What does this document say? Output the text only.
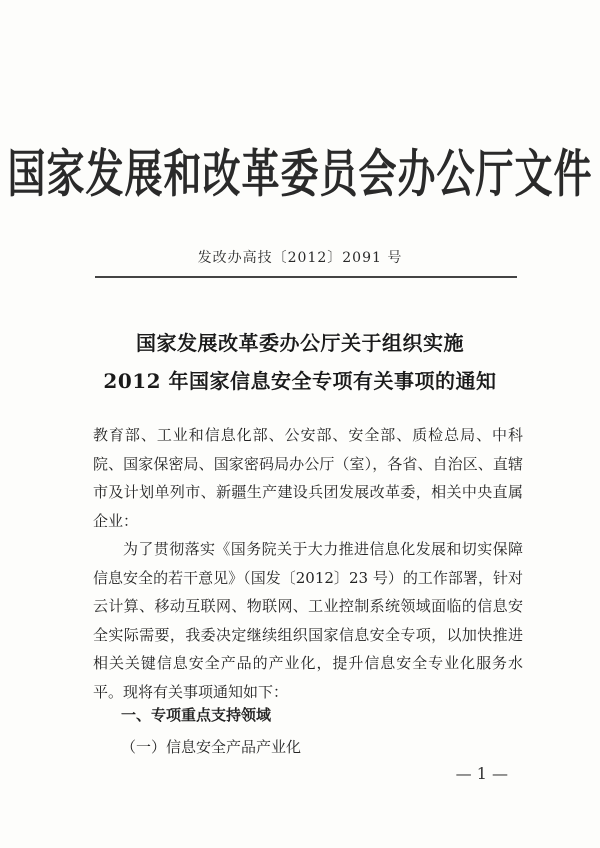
国家发展和改革委员会办公厅文件
发改办高技〔2012〕2091 号
国家发展改革委办公厅关于组织实施
2012 年国家信息安全专项有关事项的通知

教育部、工业和信息化部、公安部、安全部、质检总局、中科院、国家保密局、国家密码局办公厅（室），各省、自治区、直辖市及计划单列市、新疆生产建设兵团发展改革委，相关中央直属企业：

为了贯彻落实《国务院关于大力推进信息化发展和切实保障信息安全的若干意见》（国发〔2012〕23 号）的工作部署，针对云计算、移动互联网、物联网、工业控制系统领域面临的信息安全实际需要，我委决定继续组织国家信息安全专项，以加快推进相关关键信息安全产品的产业化，提升信息安全专业化服务水平。现将有关事项通知如下：

一、专项重点支持领域
（一）信息安全产品产业化
— 1 —
